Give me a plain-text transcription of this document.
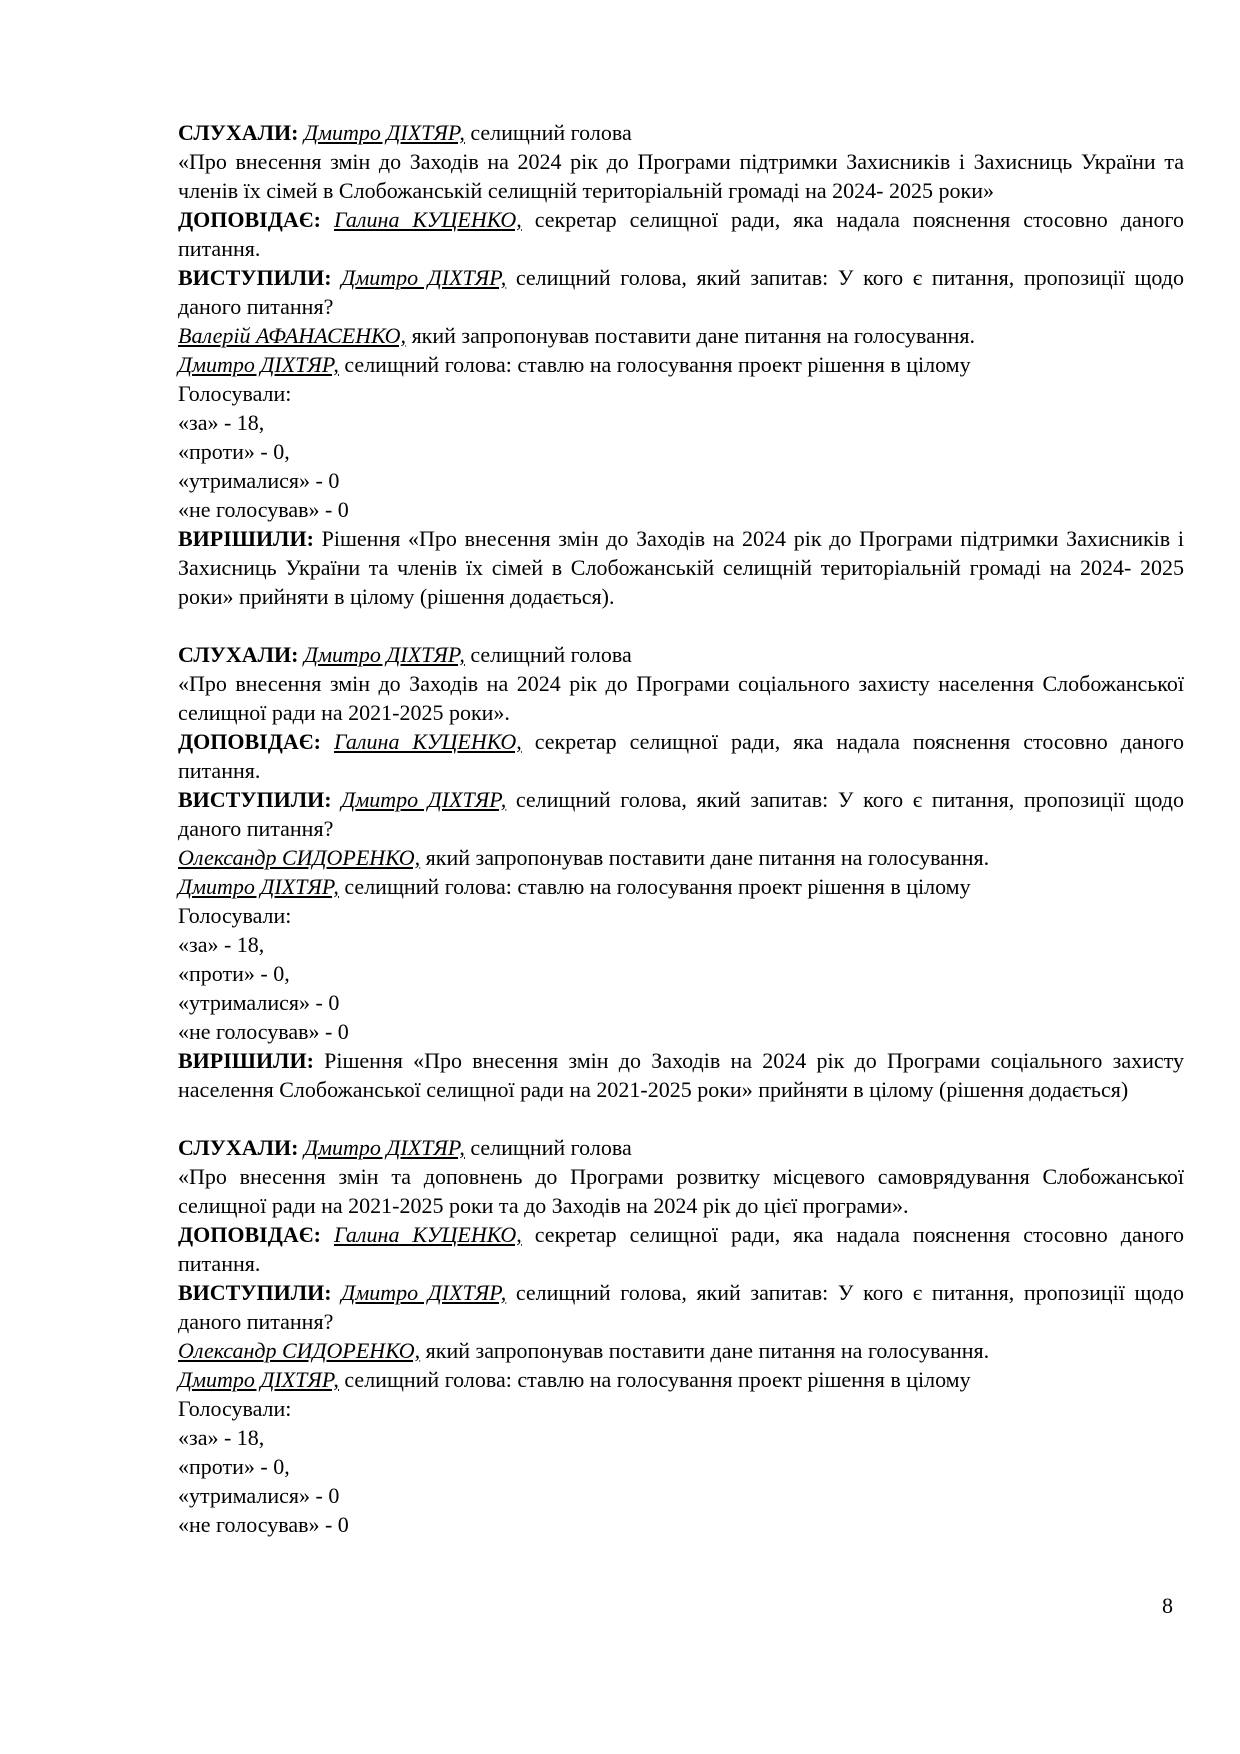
СЛУХАЛИ: Дмитро ДІХТЯР, селищний голова
«Про внесення змін до Заходів на 2024 рік до Програми підтримки Захисників і Захисниць України та членів їх сімей в Слобожанській селищній територіальній громаді на 2024- 2025 роки»
ДОПОВІДАЄ: Галина КУЦЕНКО, секретар селищної ради, яка надала пояснення стосовно даного питання.
ВИСТУПИЛИ: Дмитро ДІХТЯР, селищний голова, який запитав: У кого є питання, пропозиції щодо даного питання?
Валерій АФАНАСЕНКО, який запропонував поставити дане питання на голосування.
Дмитро ДІХТЯР, селищний голова: ставлю на голосування проект рішення в цілому
Голосували:
«за» - 18,
«проти» - 0,
«утрималися» - 0
«не голосував» - 0
ВИРІШИЛИ: Рішення «Про внесення змін до Заходів на 2024 рік до Програми підтримки Захисників і Захисниць України та членів їх сімей в Слобожанській селищній територіальній громаді на 2024- 2025 роки» прийняти в цілому (рішення додається).
СЛУХАЛИ: Дмитро ДІХТЯР, селищний голова
«Про внесення змін до Заходів на 2024 рік до Програми соціального захисту населення Слобожанської селищної ради на 2021-2025 роки».
ДОПОВІДАЄ: Галина КУЦЕНКО, секретар селищної ради, яка надала пояснення стосовно даного питання.
ВИСТУПИЛИ: Дмитро ДІХТЯР, селищний голова, який запитав: У кого є питання, пропозиції щодо даного питання?
Олександр СИДОРЕНКО, який запропонував поставити дане питання на голосування.
Дмитро ДІХТЯР, селищний голова: ставлю на голосування проект рішення в цілому
Голосували:
«за» - 18,
«проти» - 0,
«утрималися» - 0
«не голосував» - 0
ВИРІШИЛИ: Рішення «Про внесення змін до Заходів на 2024 рік до Програми соціального захисту населення Слобожанської селищної ради на 2021-2025 роки» прийняти в цілому (рішення додається)
СЛУХАЛИ: Дмитро ДІХТЯР, селищний голова
«Про внесення змін та доповнень до Програми розвитку місцевого самоврядування Слобожанської селищної ради на 2021-2025 роки та до Заходів на 2024 рік до цієї програми».
ДОПОВІДАЄ: Галина КУЦЕНКО, секретар селищної ради, яка надала пояснення стосовно даного питання.
ВИСТУПИЛИ: Дмитро ДІХТЯР, селищний голова, який запитав: У кого є питання, пропозиції щодо даного питання?
Олександр СИДОРЕНКО, який запропонував поставити дане питання на голосування.
Дмитро ДІХТЯР, селищний голова: ставлю на голосування проект рішення в цілому
Голосували:
«за» - 18,
«проти» - 0,
«утрималися» - 0
«не голосував» - 0
8
